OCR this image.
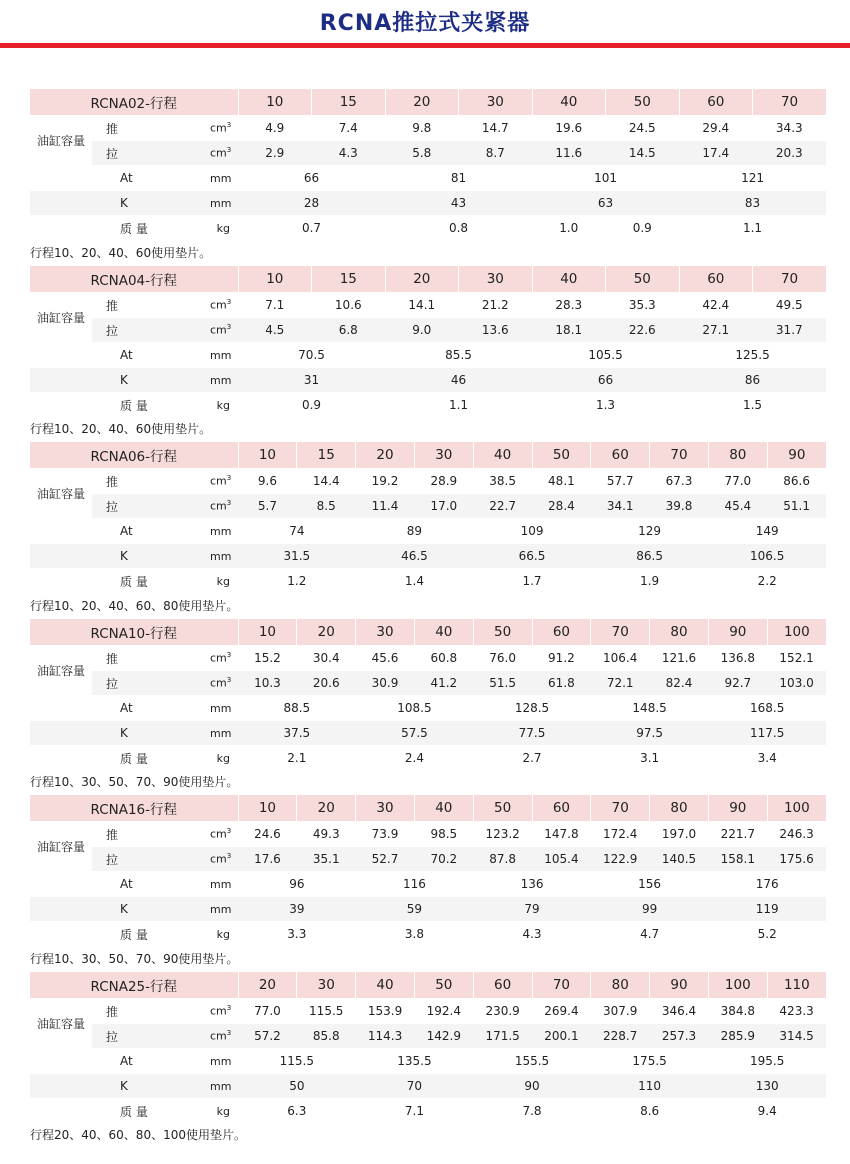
RCNA推拉式夹紧器
RCNA02-行程			10	15	20	30	40	50	60	70
油缸容量	推	$cm^3$	4.9	7.4	9.8	14.7	19.6	24.5	29.4	34.3
	拉	$cm^3$	2.9	4.3	5.8	8.7	11.6	14.5	17.4	20.3
At		mm	66		81		101		121	
K		mm	28		43		63		83	
质 量		kg	0.7		0.8		1.0	0.9	1.1	
行程10、20、40、60使用垫片。
RCNA04-行程			10	15	20	30	40	50	60	70
油缸容量	推	$cm^3$	7.1	10.6	14.1	21.2	28.3	35.3	42.4	49.5
	拉	$cm^3$	4.5	6.8	9.0	13.6	18.1	22.6	27.1	31.7
At		mm	70.5		85.5		105.5		125.5	
K		mm	31		46		66		86	
质 量		kg	0.9		1.1		1.3		1.5	
行程10、20、40、60使用垫片。
RCNA06-行程			10	15	20	30	40	50	60	70	80	90
油缸容量	推	$cm^3$	9.6	14.4	19.2	28.9	38.5	48.1	57.7	67.3	77.0	86.6
	拉	$cm^3$	5.7	8.5	11.4	17.0	22.7	28.4	34.1	39.8	45.4	51.1
At		mm	74		89		109		129		149	
K		mm	31.5		46.5		66.5		86.5		106.5	
质 量		kg	1.2		1.4		1.7		1.9		2.2	
行程10、20、40、60、80使用垫片。
RCNA10-行程			10	20	30	40	50	60	70	80	90	100
油缸容量	推	$cm^3$	15.2	30.4	45.6	60.8	76.0	91.2	106.4	121.6	136.8	152.1
	拉	$cm^3$	10.3	20.6	30.9	41.2	51.5	61.8	72.1	82.4	92.7	103.0
At		mm	88.5		108.5		128.5		148.5		168.5	
K		mm	37.5		57.5		77.5		97.5		117.5	
质 量		kg	2.1		2.4		2.7		3.1		3.4	
行程10、30、50、70、90使用垫片。
RCNA16-行程			10	20	30	40	50	60	70	80	90	100
油缸容量	推	$cm^3$	24.6	49.3	73.9	98.5	123.2	147.8	172.4	197.0	221.7	246.3
	拉	$cm^3$	17.6	35.1	52.7	70.2	87.8	105.4	122.9	140.5	158.1	175.6
At		mm	96		116		136		156		176	
K		mm	39		59		79		99		119	
质 量		kg	3.3		3.8		4.3		4.7		5.2	
行程10、30、50、70、90使用垫片。
RCNA25-行程			20	30	40	50	60	70	80	90	100	110
油缸容量	推	$cm^3$	77.0	115.5	153.9	192.4	230.9	269.4	307.9	346.4	384.8	423.3
	拉	$cm^3$	57.2	85.8	114.3	142.9	171.5	200.1	228.7	257.3	285.9	314.5
At		mm	115.5		135.5		155.5		175.5		195.5	
K		mm	50		70		90		110		130	
质 量		kg	6.3		7.1		7.8		8.6		9.4	
行程20、40、60、80、100使用垫片。
